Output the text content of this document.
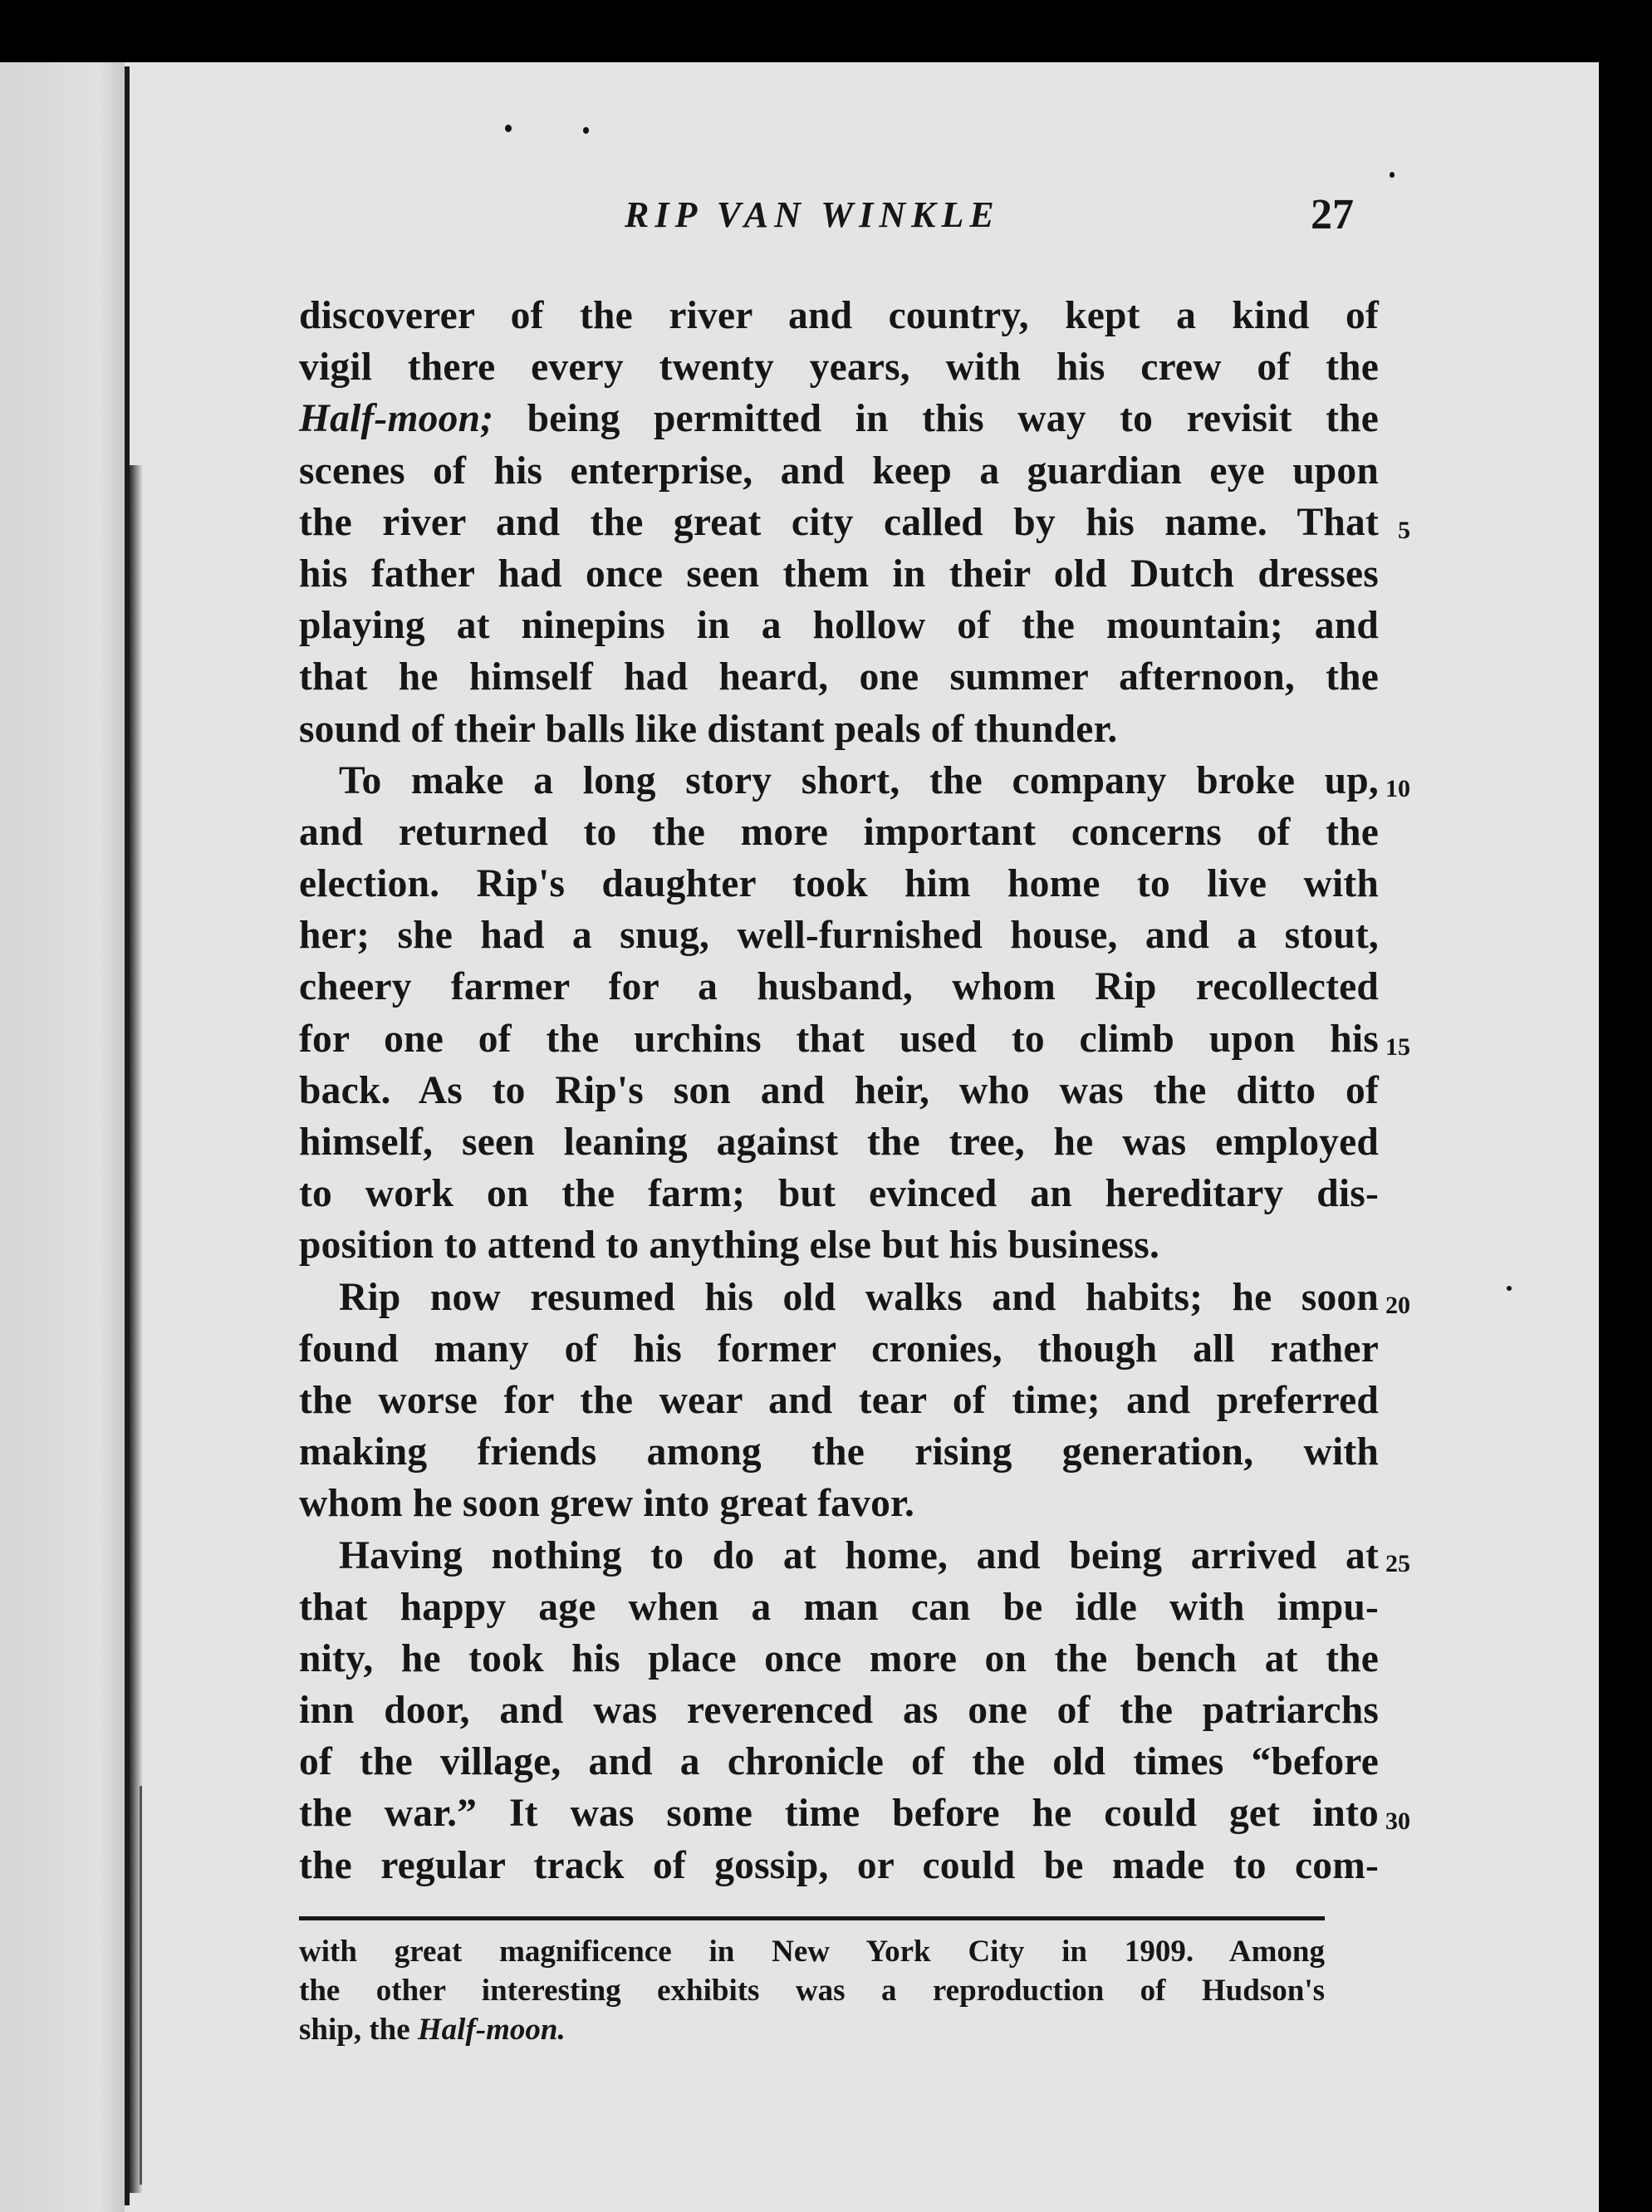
RIP VAN WINKLE	27

discoverer of the river and country, kept a kind of
vigil there every twenty years, with his crew of the
Half-moon; being permitted in this way to revisit the
scenes of his enterprise, and keep a guardian eye upon
the river and the great city called by his name. That 5
his father had once seen them in their old Dutch dresses
playing at ninepins in a hollow of the mountain; and
that he himself had heard, one summer afternoon, the
sound of their balls like distant peals of thunder.

To make a long story short, the company broke up, 10
and returned to the more important concerns of the
election. Rip's daughter took him home to live with
her; she had a snug, well-furnished house, and a stout,
cheery farmer for a husband, whom Rip recollected
for one of the urchins that used to climb upon his 15
back. As to Rip's son and heir, who was the ditto of
himself, seen leaning against the tree, he was employed
to work on the farm; but evinced an hereditary dis-
position to attend to anything else but his business.

Rip now resumed his old walks and habits; he soon 20
found many of his former cronies, though all rather
the worse for the wear and tear of time; and preferred
making friends among the rising generation, with
whom he soon grew into great favor.

Having nothing to do at home, and being arrived at 25
that happy age when a man can be idle with impu-
nity, he took his place once more on the bench at the
inn door, and was reverenced as one of the patriarchs
of the village, and a chronicle of the old times “before
the war.” It was some time before he could get into 30
the regular track of gossip, or could be made to com-

with great magnificence in New York City in 1909. Among
the other interesting exhibits was a reproduction of Hudson's
ship, the Half-moon.
